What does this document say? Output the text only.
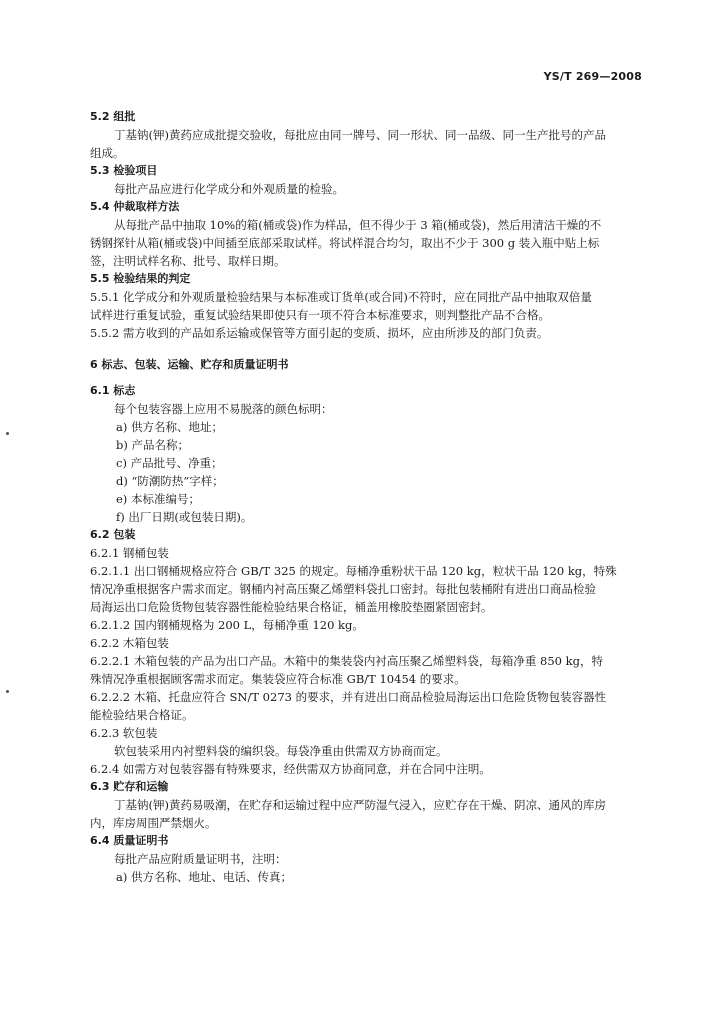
YS/T 269—2008
5.2 组批
丁基钠(钾)黄药应成批提交验收，每批应由同一牌号、同一形状、同一品级、同一生产批号的产品
组成。
5.3 检验项目
每批产品应进行化学成分和外观质量的检验。
5.4 仲裁取样方法
从每批产品中抽取 10%的箱(桶或袋)作为样品，但不得少于 3 箱(桶或袋)，然后用清洁干燥的不
锈钢探针从箱(桶或袋)中间插至底部采取试样。将试样混合均匀，取出不少于 300 g 装入瓶中贴上标
签，注明试样名称、批号、取样日期。
5.5 检验结果的判定
5.5.1 化学成分和外观质量检验结果与本标准或订货单(或合同)不符时，应在同批产品中抽取双倍量
试样进行重复试验，重复试验结果即使只有一项不符合本标准要求，则判整批产品不合格。
5.5.2 需方收到的产品如系运输或保管等方面引起的变质、损坏，应由所涉及的部门负责。
6 标志、包装、运输、贮存和质量证明书
6.1 标志
每个包装容器上应用不易脱落的颜色标明：
a) 供方名称、地址；
b) 产品名称；
c) 产品批号、净重；
d) “防潮防热”字样；
e) 本标准编号；
f) 出厂日期(或包装日期)。
6.2 包装
6.2.1 钢桶包装
6.2.1.1 出口钢桶规格应符合 GB/T 325 的规定。每桶净重粉状干品 120 kg，粒状干品 120 kg，特殊
情况净重根据客户需求而定。钢桶内衬高压聚乙烯塑料袋扎口密封。每批包装桶附有进出口商品检验
局海运出口危险货物包装容器性能检验结果合格证，桶盖用橡胶垫圈紧固密封。
6.2.1.2 国内钢桶规格为 200 L，每桶净重 120 kg。
6.2.2 木箱包装
6.2.2.1 木箱包装的产品为出口产品。木箱中的集装袋内衬高压聚乙烯塑料袋，每箱净重 850 kg，特
殊情况净重根据顾客需求而定。集装袋应符合标准 GB/T 10454 的要求。
6.2.2.2 木箱、托盘应符合 SN/T 0273 的要求，并有进出口商品检验局海运出口危险货物包装容器性
能检验结果合格证。
6.2.3 软包装
软包装采用内衬塑料袋的编织袋。每袋净重由供需双方协商而定。
6.2.4 如需方对包装容器有特殊要求，经供需双方协商同意，并在合同中注明。
6.3 贮存和运输
丁基钠(钾)黄药易吸潮，在贮存和运输过程中应严防湿气浸入，应贮存在干燥、阴凉、通风的库房
内，库房周围严禁烟火。
6.4 质量证明书
每批产品应附质量证明书，注明：
a) 供方名称、地址、电话、传真；
